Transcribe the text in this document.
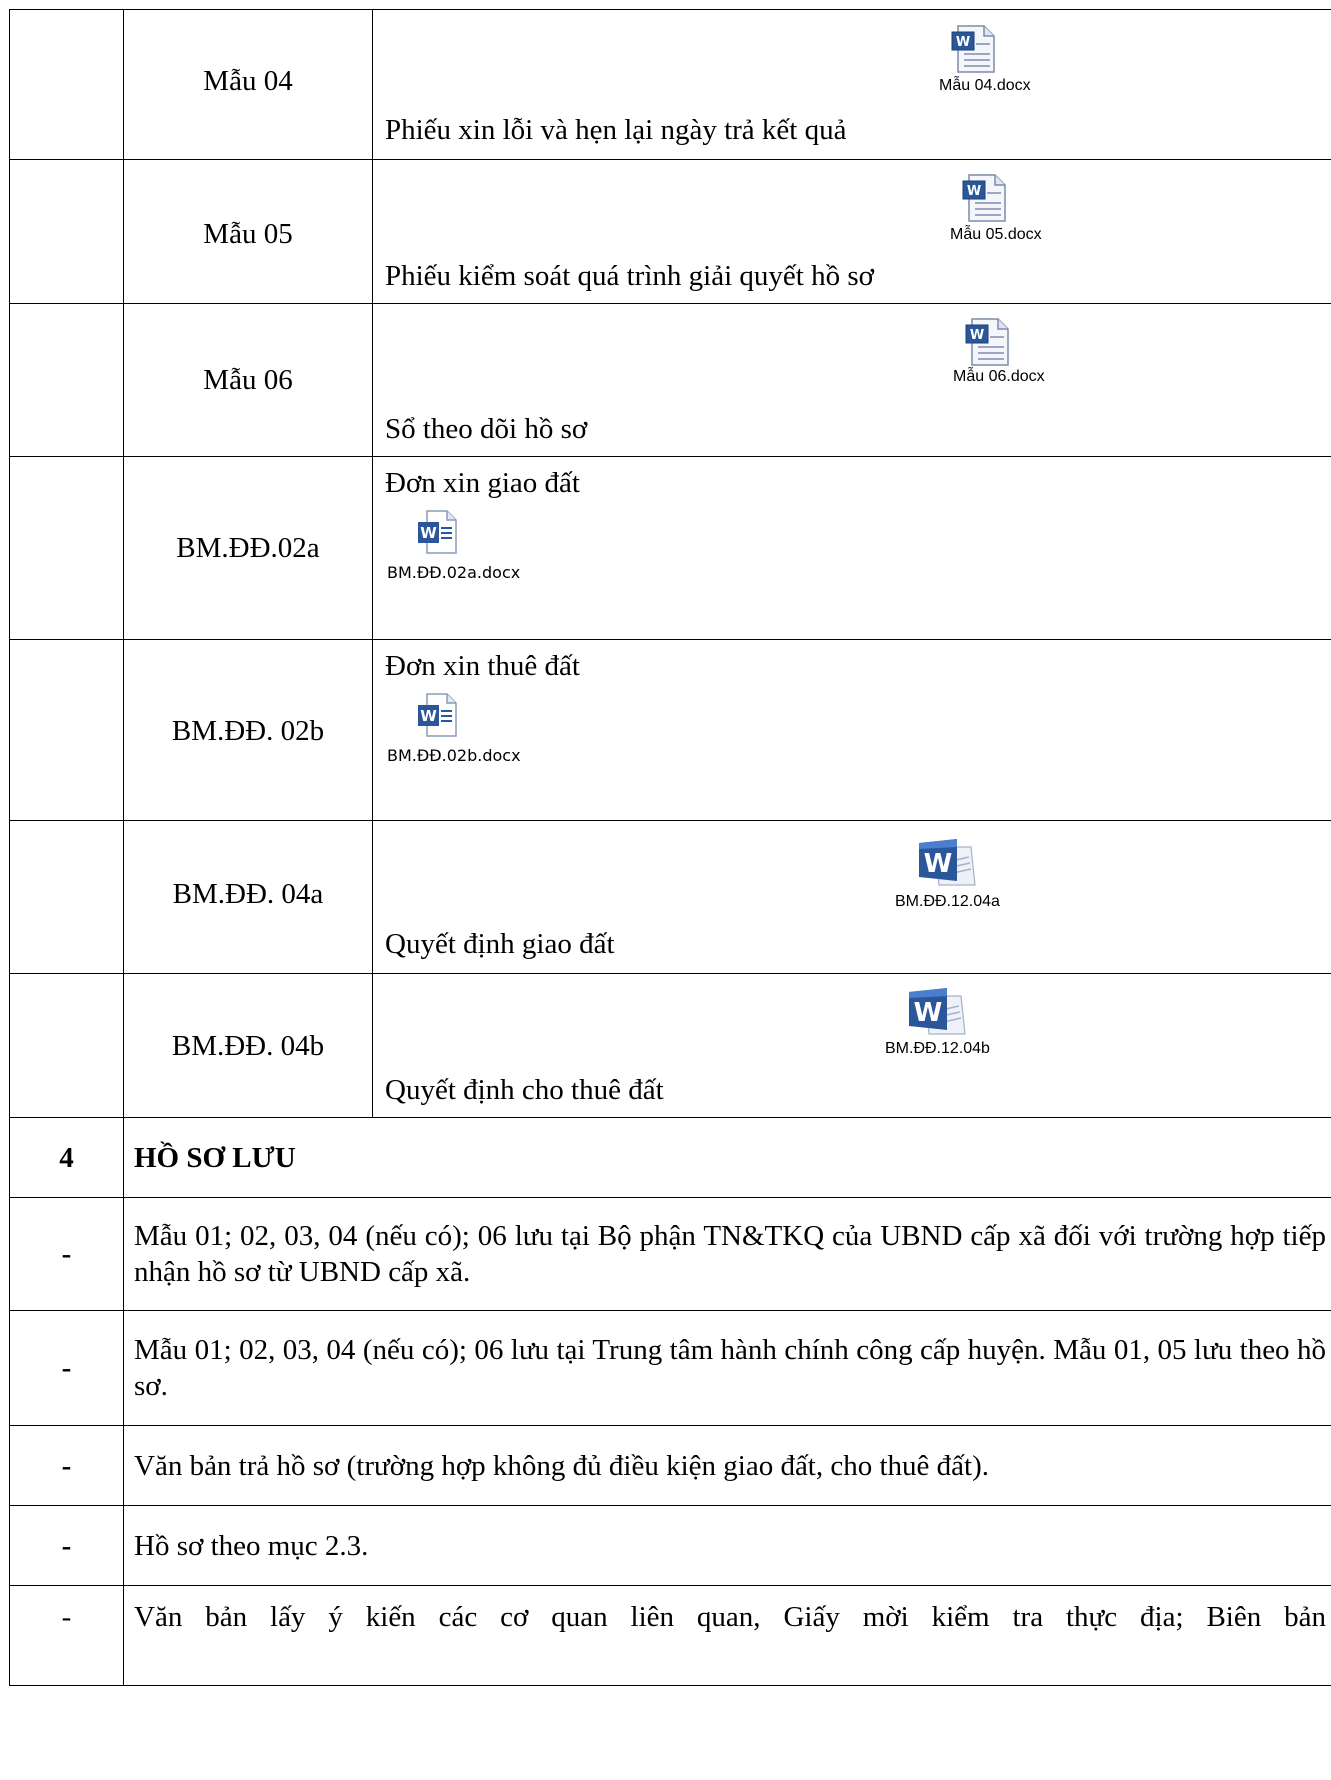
	Mẫu 04	W
Mẫu 04.docx
Phiếu xin lỗi và hẹn lại ngày trả kết quả

	Mẫu 05	W
Mẫu 05.docx
Phiếu kiểm soát quá trình giải quyết hồ sơ

	Mẫu 06	W
Mẫu 06.docx
Sổ theo dõi hồ sơ

	BM.ĐĐ.02a	Đơn xin giao đất
W
BM.ĐĐ.02a.docx

	BM.ĐĐ. 02b	Đơn xin thuê đất
W
BM.ĐĐ.02b.docx

	BM.ĐĐ. 04a	W
BM.ĐĐ.12.04a
Quyết định giao đất

	BM.ĐĐ. 04b	W
BM.ĐĐ.12.04b
Quyết định cho thuê đất

4	HỒ SƠ LƯU	
-	Mẫu 01; 02, 03, 04 (nếu có); 06 lưu tại Bộ phận TN&TKQ của UBND cấp xã đối với trường hợp tiếp nhận hồ sơ từ UBND cấp xã.	
-	Mẫu 01; 02, 03, 04 (nếu có); 06 lưu tại Trung tâm hành chính công cấp huyện. Mẫu 01, 05 lưu theo hồ sơ.	
-	Văn bản trả hồ sơ (trường hợp không đủ điều kiện giao đất, cho thuê đất).	
-	Hồ sơ theo mục 2.3.	
-	Văn bản lấy ý kiến các cơ quan liên quan, Giấy mời kiểm tra thực địa; Biên bản	
